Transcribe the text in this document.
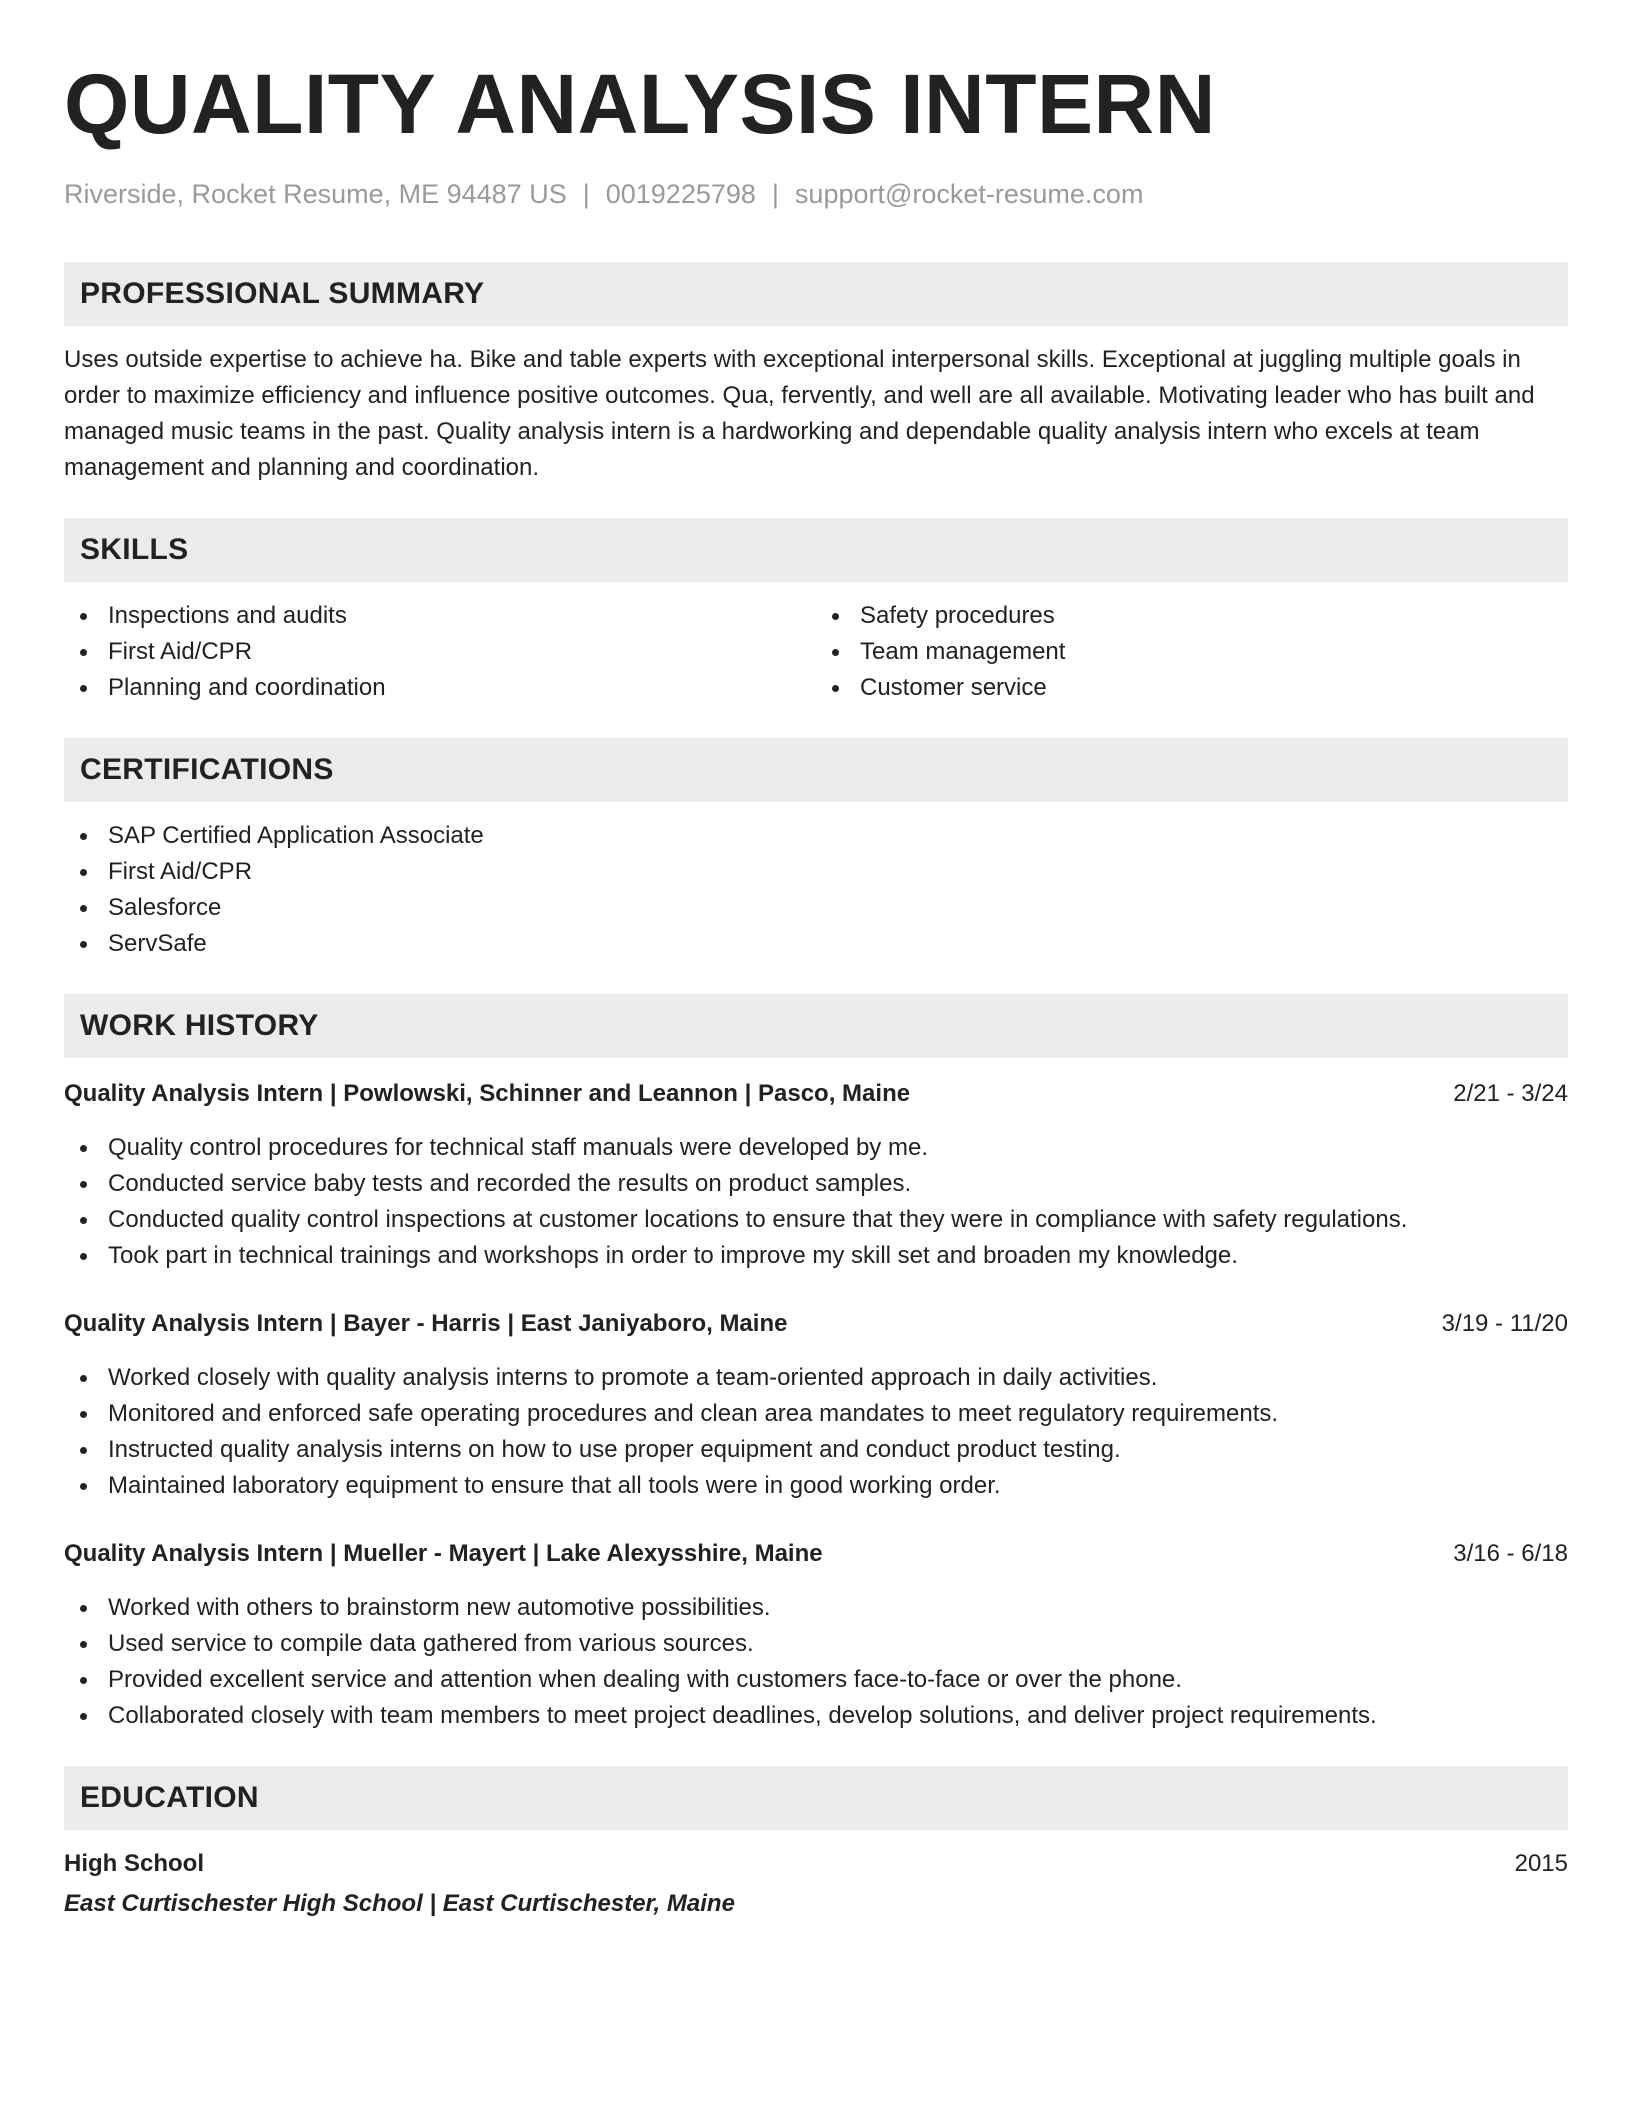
QUALITY ANALYSIS INTERN
Riverside, Rocket Resume, ME 94487 US | 0019225798 | support@rocket-resume.com
PROFESSIONAL SUMMARY

Uses outside expertise to achieve ha. Bike and table experts with exceptional interpersonal skills. Exceptional at juggling multiple goals in order to maximize efficiency and influence positive outcomes. Qua, fervently, and well are all available. Motivating leader who has built and managed music teams in the past. Quality analysis intern is a hardworking and dependable quality analysis intern who excels at team management and planning and coordination.

SKILLS
Inspections and audits
First Aid/CPR
Planning and coordination
Safety procedures
Team management
Customer service
CERTIFICATIONS
SAP Certified Application Associate
First Aid/CPR
Salesforce
ServSafe
WORK HISTORY
Quality Analysis Intern | Powlowski, Schinner and Leannon | Pasco, Maine	2/21 - 3/24
Quality control procedures for technical staff manuals were developed by me.
Conducted service baby tests and recorded the results on product samples.
Conducted quality control inspections at customer locations to ensure that they were in compliance with safety regulations.
Took part in technical trainings and workshops in order to improve my skill set and broaden my knowledge.
Quality Analysis Intern | Bayer - Harris | East Janiyaboro, Maine	3/19 - 11/20
Worked closely with quality analysis interns to promote a team-oriented approach in daily activities.
Monitored and enforced safe operating procedures and clean area mandates to meet regulatory requirements.
Instructed quality analysis interns on how to use proper equipment and conduct product testing.
Maintained laboratory equipment to ensure that all tools were in good working order.
Quality Analysis Intern | Mueller - Mayert | Lake Alexysshire, Maine	3/16 - 6/18
Worked with others to brainstorm new automotive possibilities.
Used service to compile data gathered from various sources.
Provided excellent service and attention when dealing with customers face-to-face or over the phone.
Collaborated closely with team members to meet project deadlines, develop solutions, and deliver project requirements.
EDUCATION
High School	2015
East Curtischester High School | East Curtischester, Maine
